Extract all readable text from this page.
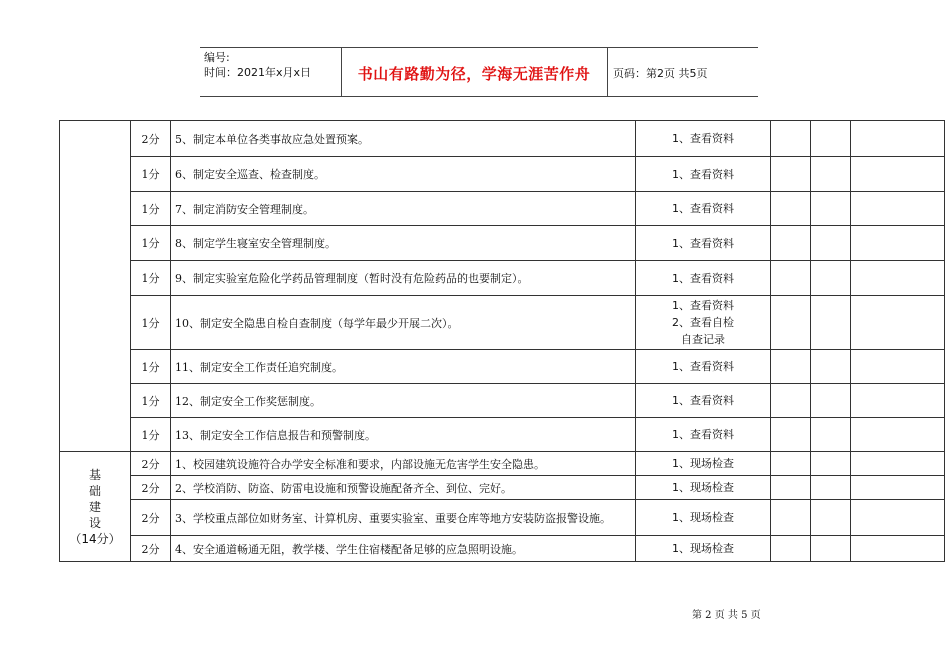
编号:
时间：2021年x月x日	书山有路勤为径，学海无涯苦作舟	页码：第2页 共5页
	2分	5、制定本单位各类事故应急处置预案。	1、查看资料			

	1分	6、制定安全巡查、检查制度。	1、查看资料			

	1分	7、制定消防安全管理制度。	1、查看资料			

	1分	8、制定学生寝室安全管理制度。	1、查看资料			

	1分	9、制定实验室危险化学药品管理制度（暂时没有危险药品的也要制定）。	1、查看资料			

	1分	10、制定安全隐患自检自查制度（每学年最少开展二次）。	1、查看资料
2、查看自检
自查记录			

	1分	11、制定安全工作责任追究制度。	1、查看资料			

	1分	12、制定安全工作奖惩制度。	1、查看资料			

	1分	13、制定安全工作信息报告和预警制度。	1、查看资料			

基
础
建
设
（14分）	2分	1、校园建筑设施符合办学安全标准和要求，内部设施无危害学生安全隐患。	1、现场检查			

	2分	2、学校消防、防盗、防雷电设施和预警设施配备齐全、到位、完好。	1、现场检查			

	2分	3、学校重点部位如财务室、计算机房、重要实验室、重要仓库等地方安装防盗报警设施。	1、现场检查			

	2分	4、安全通道畅通无阻，教学楼、学生住宿楼配备足够的应急照明设施。	1、现场检查			

第 2 页 共 5 页
